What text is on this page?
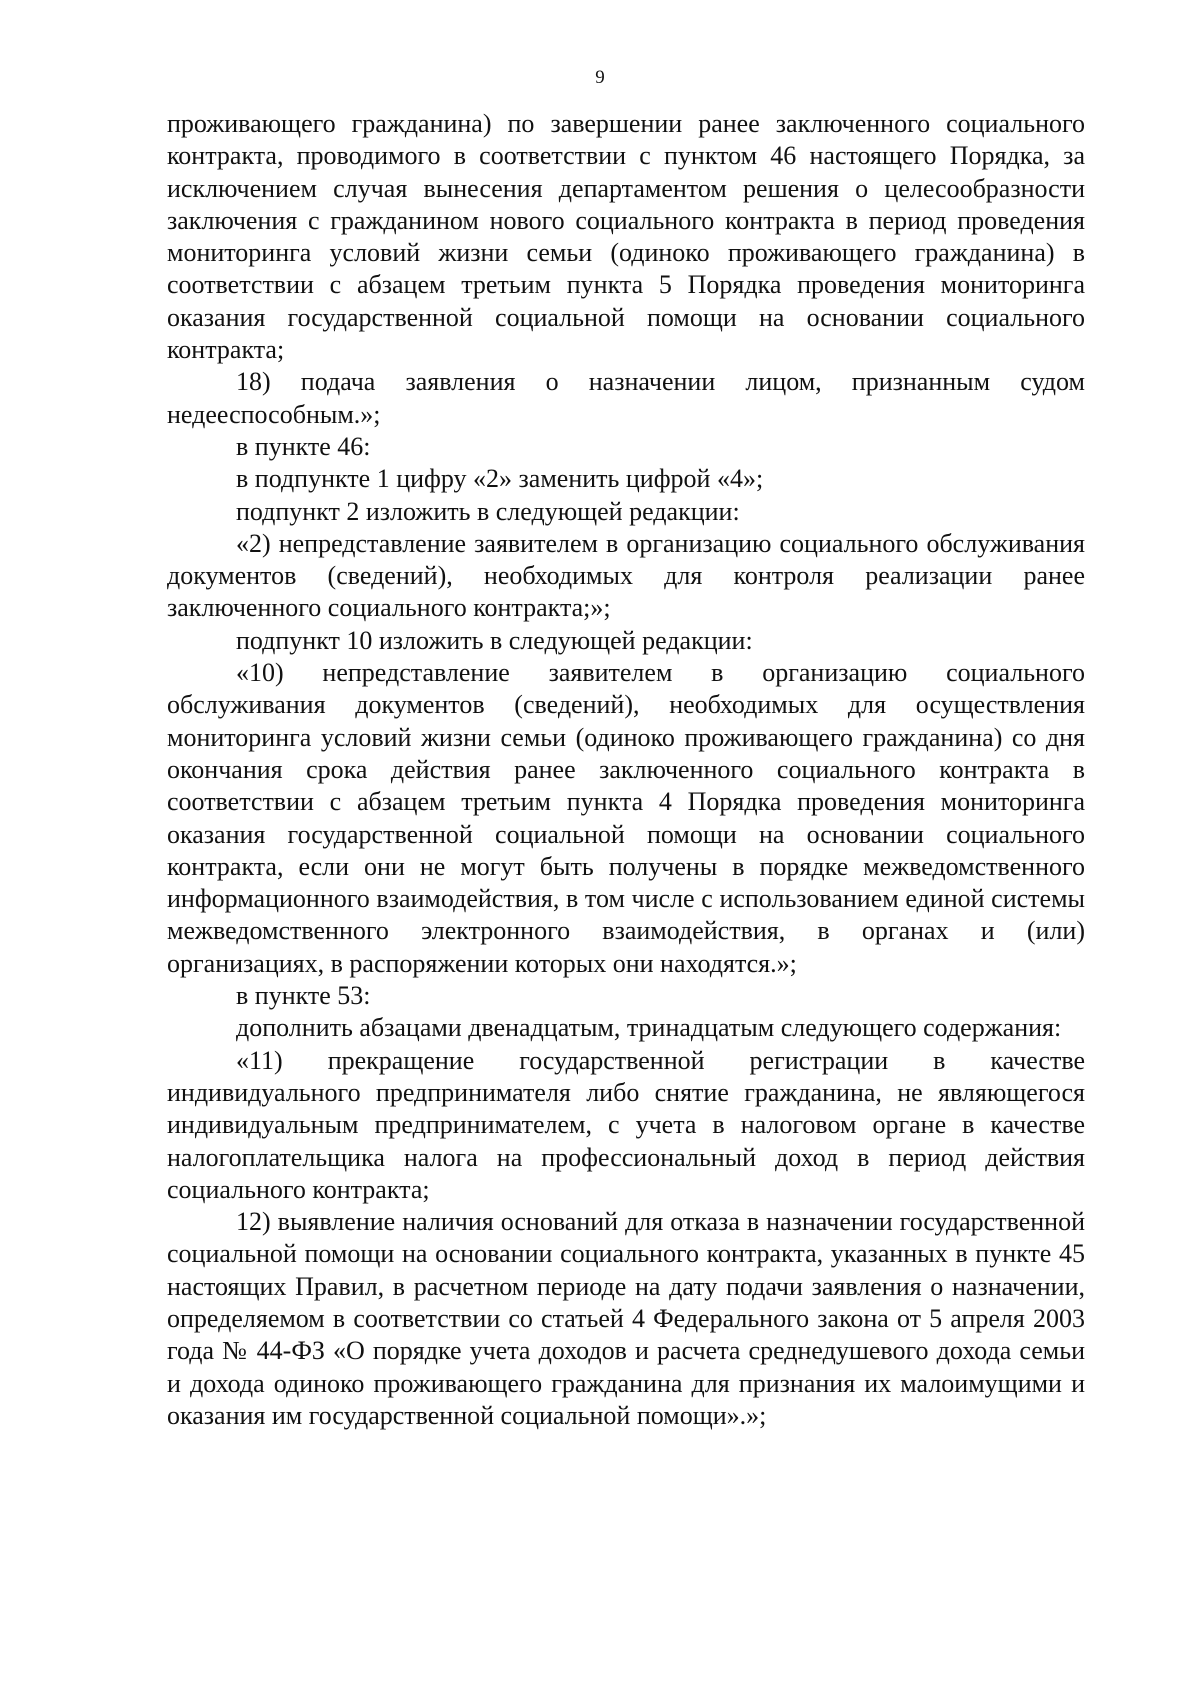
9

проживающего гражданина) по завершении ранее заключенного социального контракта, проводимого в соответствии с пунктом 46 настоящего Порядка, за исключением случая вынесения департаментом решения о целесообразности заключения с гражданином нового социального контракта в период проведения мониторинга условий жизни семьи (одиноко проживающего гражданина) в соответствии с абзацем третьим пункта 5 Порядка проведения мониторинга оказания государственной социальной помощи на основании социального контракта;

18) подача заявления о назначении лицом, признанным судом недееспособным.»;

в пункте 46:

в подпункте 1 цифру «2» заменить цифрой «4»;

подпункт 2 изложить в следующей редакции:

«2) непредставление заявителем в организацию социального обслуживания документов (сведений), необходимых для контроля реализации ранее заключенного социального контракта;»;

подпункт 10 изложить в следующей редакции:

«10) непредставление заявителем в организацию социального обслуживания документов (сведений), необходимых для осуществления мониторинга условий жизни семьи (одиноко проживающего гражданина) со дня окончания срока действия ранее заключенного социального контракта в соответствии с абзацем третьим пункта 4 Порядка проведения мониторинга оказания государственной социальной помощи на основании социального контракта, если они не могут быть получены в порядке межведомственного информационного взаимодействия, в том числе с использованием единой системы межведомственного электронного взаимодействия, в органах и (или) организациях, в распоряжении которых они находятся.»;

в пункте 53:

дополнить абзацами двенадцатым, тринадцатым следующего содержания:

«11) прекращение государственной регистрации в качестве индивидуального предпринимателя либо снятие гражданина, не являющегося индивидуальным предпринимателем, с учета в налоговом органе в качестве налогоплательщика налога на профессиональный доход в период действия социального контракта;

12) выявление наличия оснований для отказа в назначении государственной социальной помощи на основании социального контракта, указанных в пункте 45 настоящих Правил, в расчетном периоде на дату подачи заявления о назначении, определяемом в соответствии со статьей 4 Федерального закона от 5 апреля 2003 года № 44-ФЗ «О порядке учета доходов и расчета среднедушевого дохода семьи и дохода одиноко проживающего гражданина для признания их малоимущими и оказания им государственной социальной помощи».»;
